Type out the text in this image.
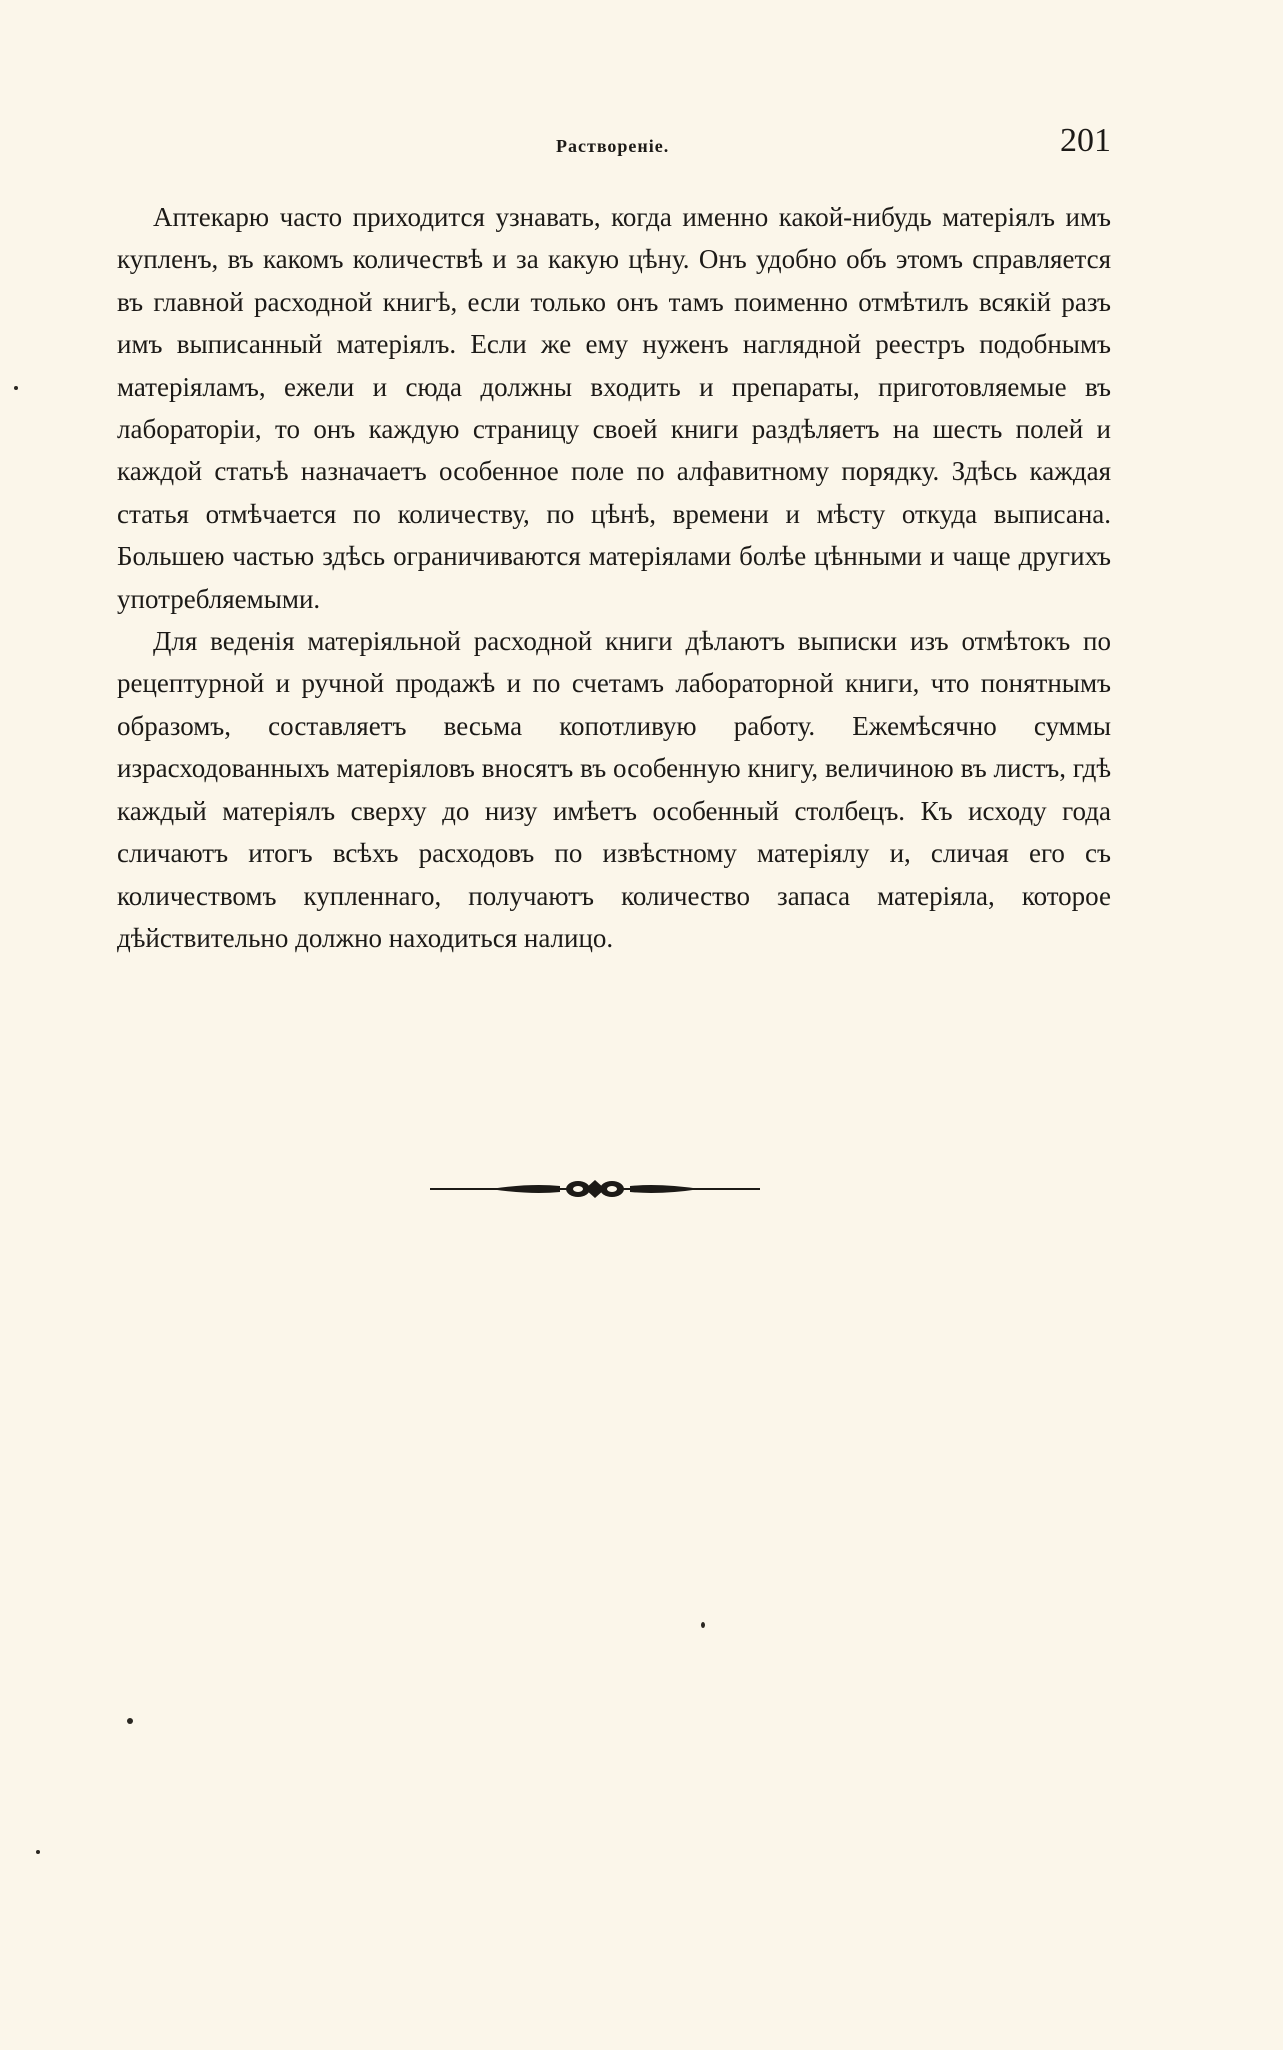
Раствореніе.	201

Аптекарю часто приходится узнавать, когда именно какой-нибудь матеріялъ имъ купленъ, въ какомъ количествѣ и за какую цѣну. Онъ удобно объ этомъ справляется въ главной расходной книгѣ, если только онъ тамъ поименно отмѣтилъ всякій разъ имъ выписанный матеріялъ. Если же ему нуженъ наглядной реестръ подобнымъ матеріяламъ, ежели и сюда должны входить и препараты, приготовляемые въ лабораторіи, то онъ каждую страницу своей книги раздѣляетъ на шесть полей и каждой статьѣ назначаетъ особенное поле по алфавитному порядку. Здѣсь каждая статья отмѣчается по количеству, по цѣнѣ, времени и мѣсту откуда выписана. Большею частью здѣсь ограничиваются матеріялами болѣе цѣнными и чаще другихъ употребляемыми.

Для веденія матеріяльной расходной книги дѣлаютъ выписки изъ отмѣтокъ по рецептурной и ручной продажѣ и по счетамъ лабораторной книги, что понятнымъ образомъ, составляетъ весьма копотливую работу. Ежемѣсячно суммы израсходованныхъ матеріяловъ вносятъ въ особенную книгу, величиною въ листъ, гдѣ каждый матеріялъ сверху до низу имѣетъ особенный столбецъ. Къ исходу года сличаютъ итогъ всѣхъ расходовъ по извѣстному матеріялу и, сличая его съ количествомъ купленнаго, получаютъ количество запаса матеріяла, которое дѣйствительно должно находиться налицо.
